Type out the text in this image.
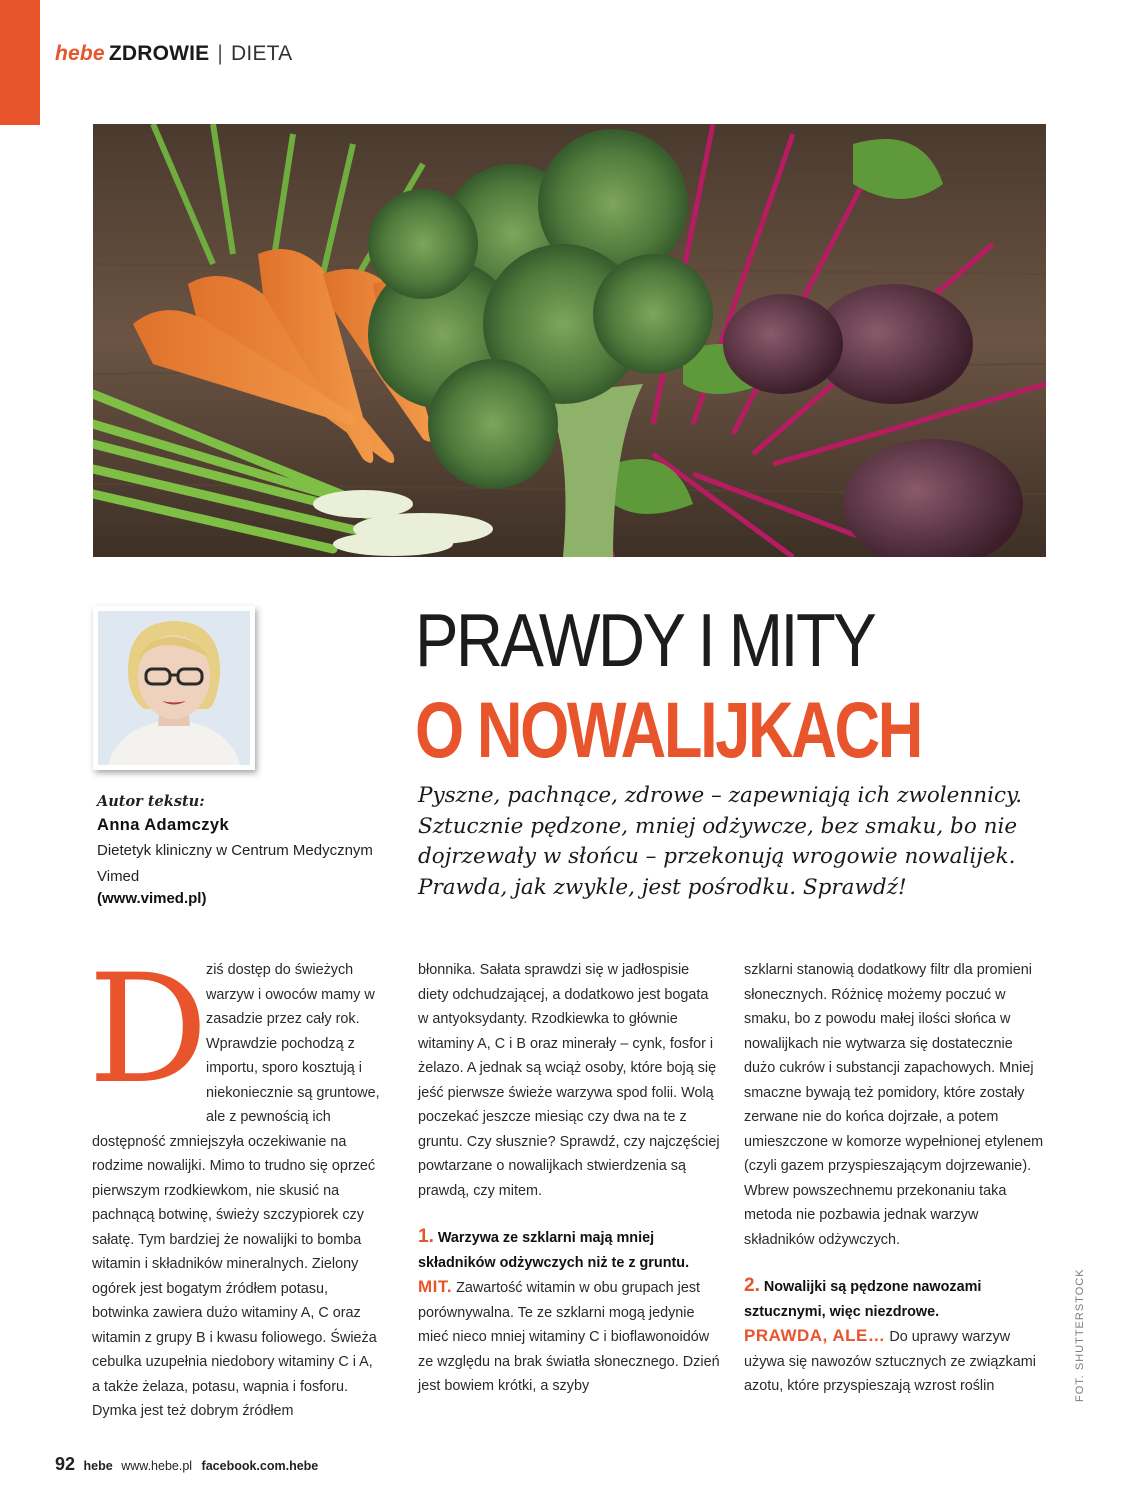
hebe ZDROWIE | DIETA
Autor tekstu:
Anna Adamczyk
Dietetyk kliniczny w Centrum Medycznym Vimed
(www.vimed.pl)
PRAWDY I MITY
O NOWALIJKACH
Pyszne, pachnące, zdrowe – zapewniają ich zwolennicy. Sztucznie pędzone, mniej odżywcze, bez smaku, bo nie dojrzewały w słońcu – przekonują wrogowie nowalijek. Prawda, jak zwykle, jest pośrodku. Sprawdź!
D

ziś dostęp do świeżych warzyw i owoców mamy w zasadzie przez cały rok. Wprawdzie pochodzą z importu, sporo kosztują i niekoniecznie są gruntowe, ale z pewnością ich dostępność zmniejszyła oczekiwanie na rodzime nowalijki. Mimo to trudno się oprzeć pierwszym rzodkiewkom, nie skusić na pachnącą botwinę, świeży szczypiorek czy sałatę. Tym bardziej że nowalijki to bomba witamin i składników mineralnych. Zielony ogórek jest bogatym źródłem potasu, botwinka zawiera dużo witaminy A, C oraz witamin z grupy B i kwasu foliowego. Świeża cebulka uzupełnia niedobory witaminy C i A, a także żelaza, potasu, wapnia i fosforu. Dymka jest też dobrym źródłem

błonnika. Sałata sprawdzi się w jadłospisie diety odchudzającej, a dodatkowo jest bogata w antyoksydanty. Rzodkiewka to głównie witaminy A, C i B oraz minerały – cynk, fosfor i żelazo. A jednak są wciąż osoby, które boją się jeść pierwsze świeże warzywa spod folii. Wolą poczekać jeszcze miesiąc czy dwa na te z gruntu. Czy słusznie? Sprawdź, czy najczęściej powtarzane o nowalijkach stwierdzenia są prawdą, czy mitem.

1. Warzywa ze szklarni mają mniej składników odżywczych niż te z gruntu.

MIT. Zawartość witamin w obu grupach jest porównywalna. Te ze szklarni mogą jedynie mieć nieco mniej witaminy C i bioflawonoidów ze względu na brak światła słonecznego. Dzień jest bowiem krótki, a szyby

szklarni stanowią dodatkowy filtr dla promieni słonecznych. Różnicę możemy poczuć w smaku, bo z powodu małej ilości słońca w nowalijkach nie wytwarza się dostatecznie dużo cukrów i substancji zapachowych. Mniej smaczne bywają też pomidory, które zostały zerwane nie do końca dojrzałe, a potem umieszczone w komorze wypełnionej etylenem (czyli gazem przyspieszającym dojrzewanie). Wbrew powszechnemu przekonaniu taka metoda nie pozbawia jednak warzyw składników odżywczych.

2. Nowalijki są pędzone nawozami sztucznymi, więc niezdrowe.

PRAWDA, ALE… Do uprawy warzyw używa się nawozów sztucznych ze związkami azotu, które przyspieszają wzrost roślin	FOT. SHUTTERSTOCK
92 hebe www.hebe.pl facebook.com.hebe
